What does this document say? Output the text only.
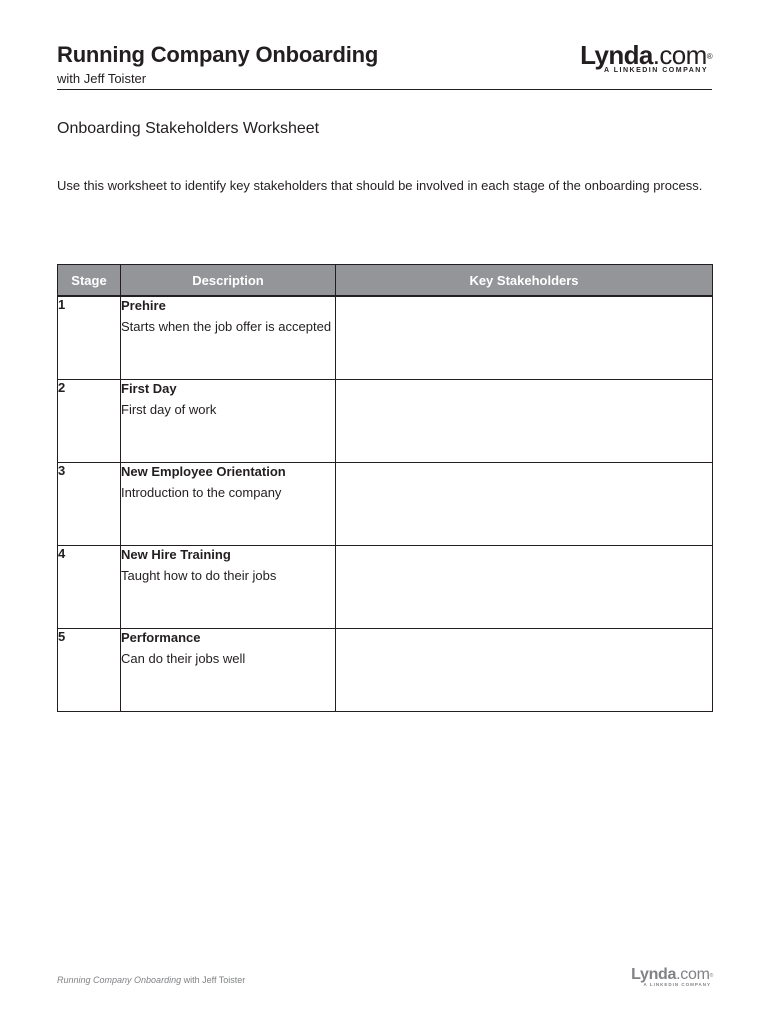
Running Company Onboarding
with Jeff Toister
Lynda.com®
A LINKEDIN COMPANY
Onboarding Stakeholders Worksheet
Use this worksheet to identify key stakeholders that should be involved in each stage of the onboarding process.
Stage	Description	Key Stakeholders
1	Prehire
Starts when the job offer is accepted	

2	First Day
First day of work	

3	New Employee Orientation
Introduction to the company	

4	New Hire Training
Taught how to do their jobs	

5	Performance
Can do their jobs well	

Running Company Onboarding with Jeff Toister	Lynda.com®
A LINKEDIN COMPANY
